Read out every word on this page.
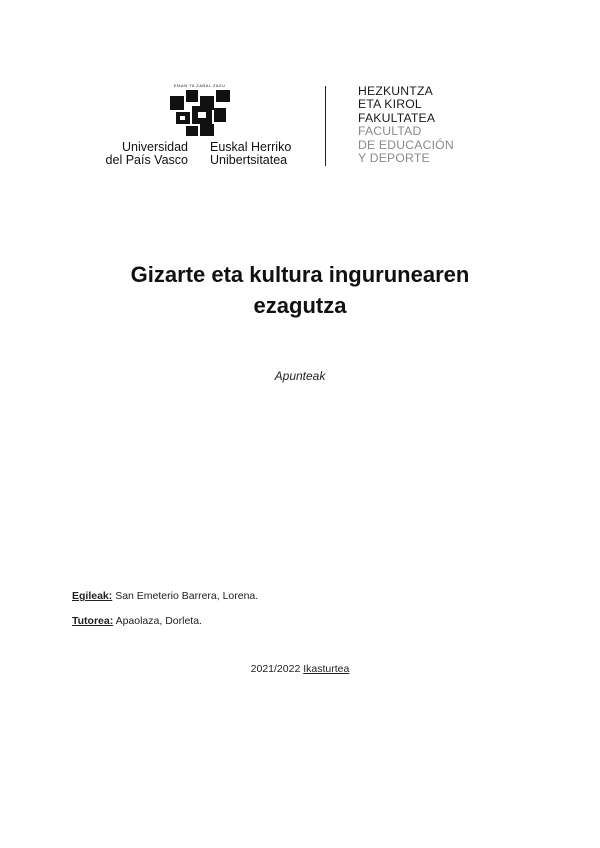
EMAN TA ZABAL ZAZU
Universidad
del País Vasco
Euskal Herriko
Unibertsitatea
HEZKUNTZA
ETA KIROL
FAKULTATEA
FACULTAD
DE EDUCACIÓN
Y DEPORTE
Gizarte eta kultura ingurunearen
ezagutza
Apunteak
Egileak: San Emeterio Barrera, Lorena.
Tutorea: Apaolaza, Dorleta.
2021/2022 Ikasturtea
